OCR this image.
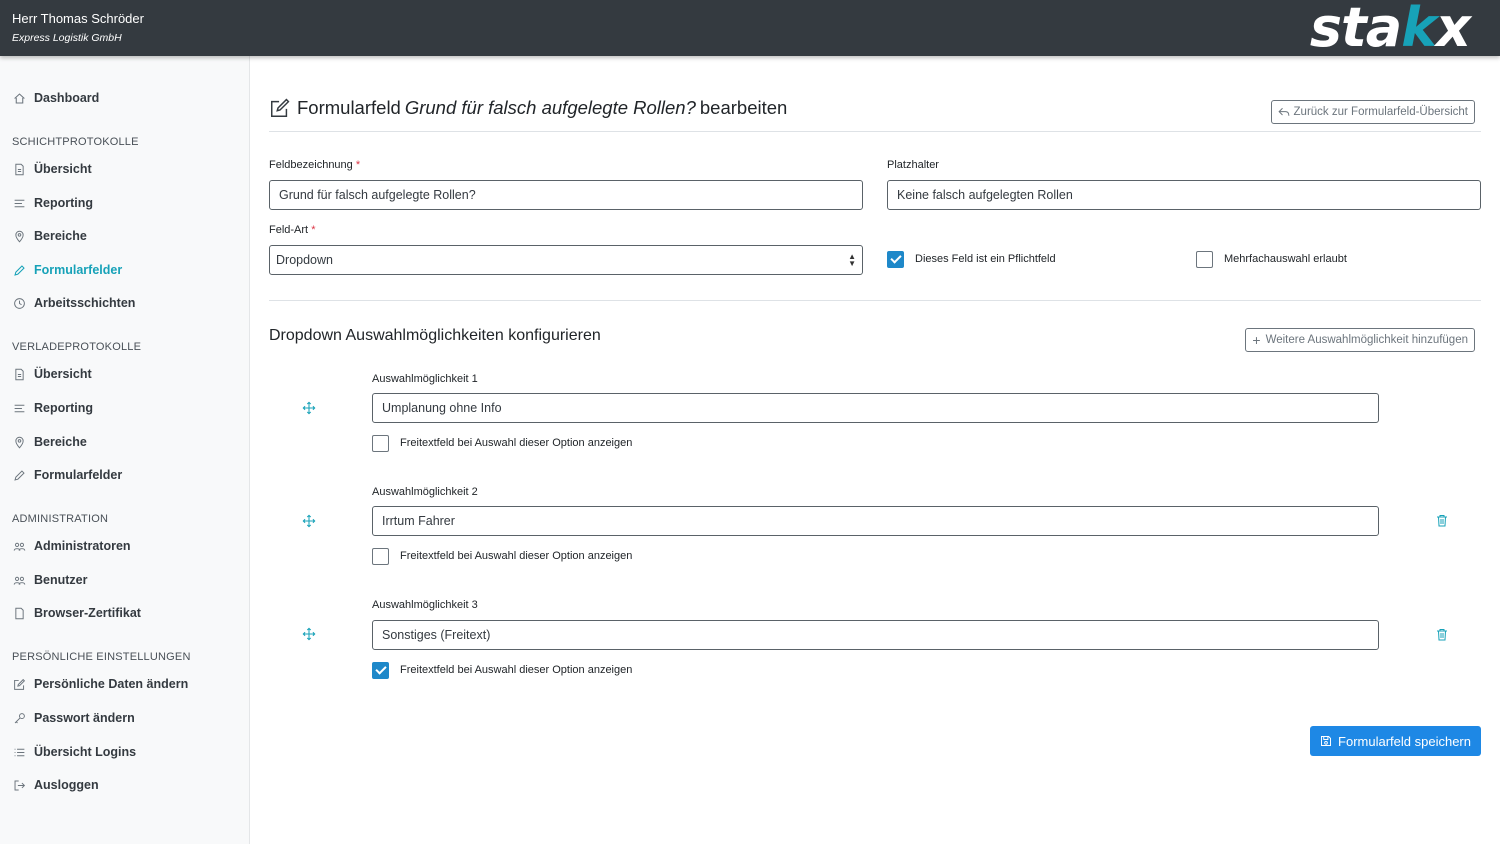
Herr Thomas Schröder
Express Logistik GmbH	stakx
Dashboard
SCHICHTPROTOKOLLE
Übersicht
Reporting
Bereiche
Formularfelder
Arbeitsschichten
VERLADEPROTOKOLLE
Übersicht
Reporting
Bereiche
Formularfelder
ADMINISTRATION
Administratoren
Benutzer
Browser-Zertifikat
PERSÖNLICHE EINSTELLUNGEN
Persönliche Daten ändern
Passwort ändern
Übersicht Logins
Ausloggen
Formularfeld Grund für falsch aufgelegte Rollen? bearbeiten	Zurück zur Formularfeld-Übersicht
Feldbezeichnung *
Grund für falsch aufgelegte Rollen?
Platzhalter
Keine falsch aufgelegten Rollen
Feld-Art *
Dropdown	▲
▼	Dieses Feld ist ein Pflichtfeld	Mehrfachauswahl erlaubt
Dropdown Auswahlmöglichkeiten konfigurieren	+ Weitere Auswahlmöglichkeit hinzufügen
Auswahlmöglichkeit 1
Umplanung ohne Info
Freitextfeld bei Auswahl dieser Option anzeigen
Auswahlmöglichkeit 2
Irrtum Fahrer
Freitextfeld bei Auswahl dieser Option anzeigen
Auswahlmöglichkeit 3
Sonstiges (Freitext)
Freitextfeld bei Auswahl dieser Option anzeigen
Formularfeld speichern
